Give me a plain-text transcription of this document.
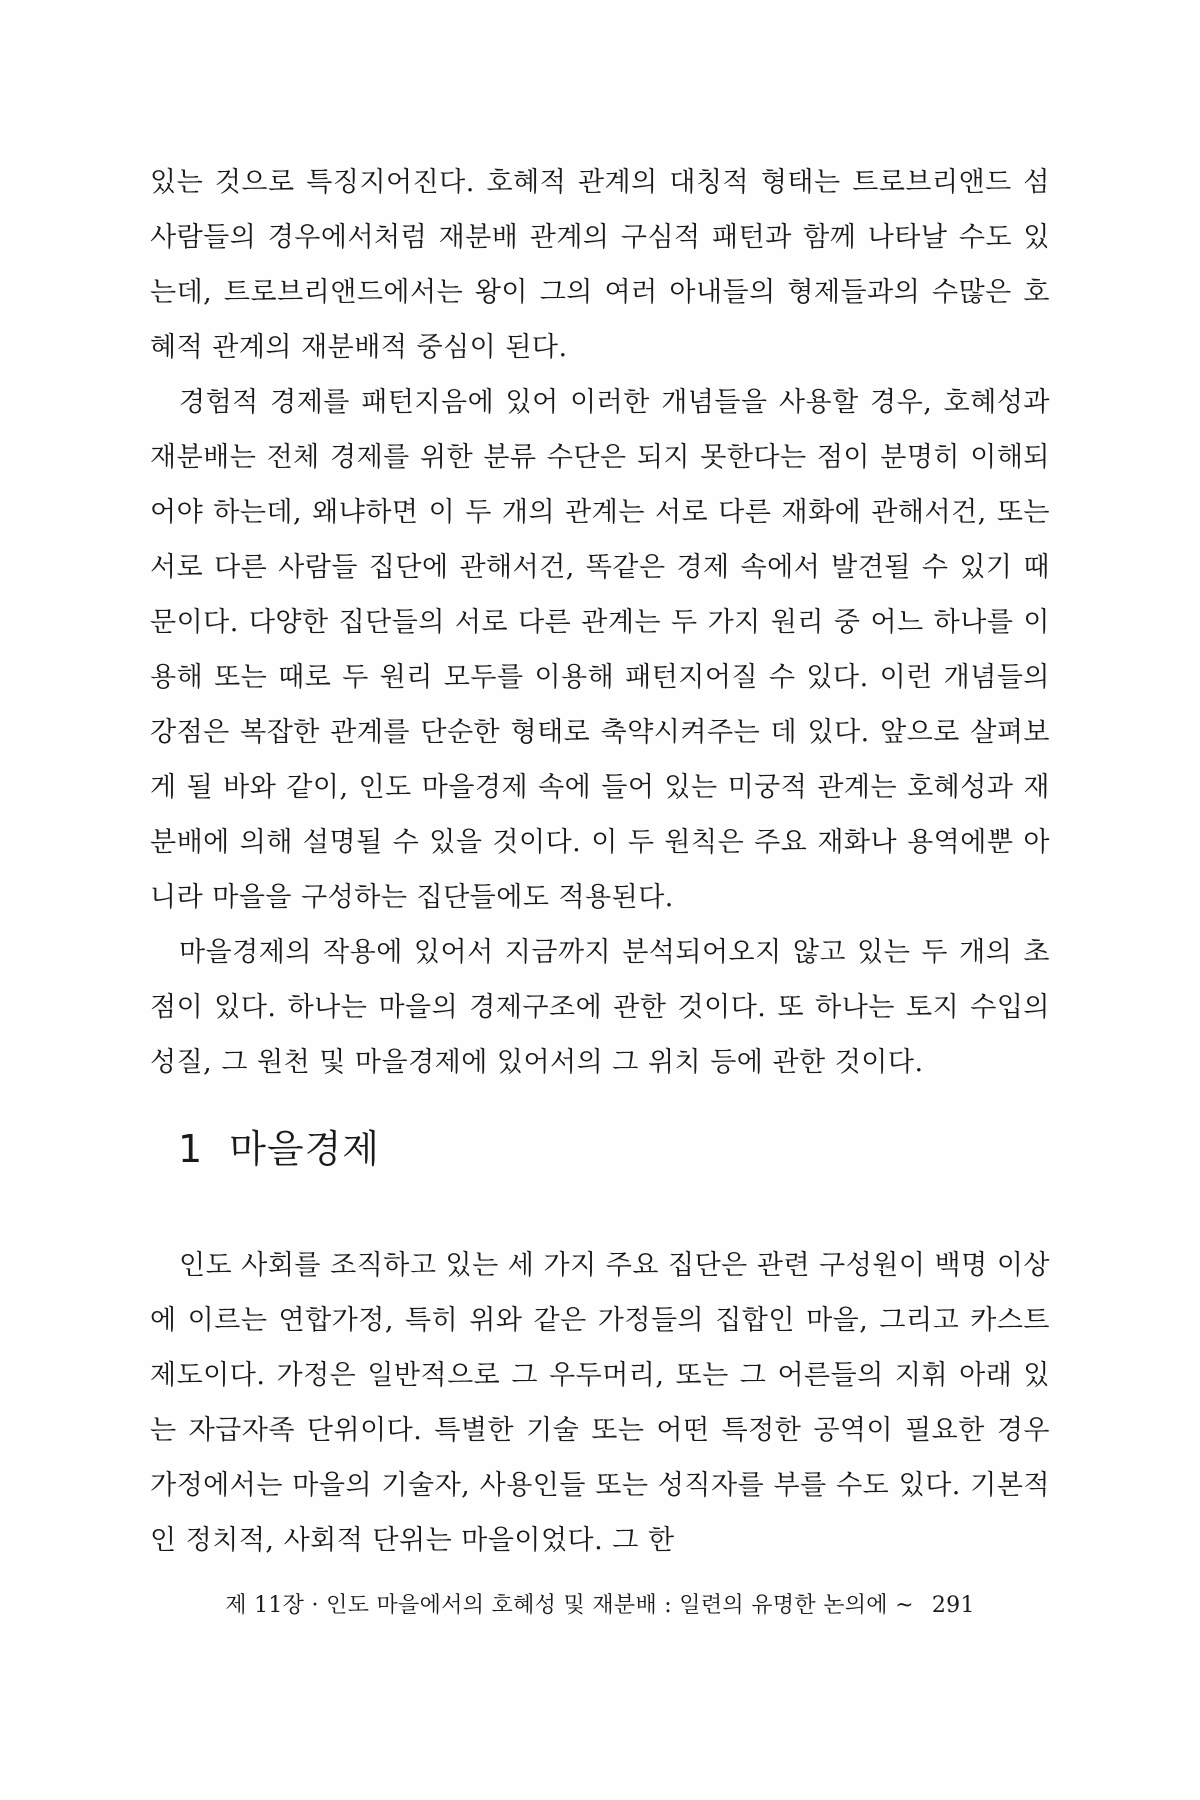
있는 것으로 특징지어진다. 호혜적 관계의 대칭적 형태는 트로브리앤드 섬 사람들의 경우에서처럼 재분배 관계의 구심적 패턴과 함께 나타날 수도 있는데, 트로브리앤드에서는 왕이 그의 여러 아내들의 형제들과의 수많은 호혜적 관계의 재분배적 중심이 된다.

경험적 경제를 패턴지음에 있어 이러한 개념들을 사용할 경우, 호혜성과 재분배는 전체 경제를 위한 분류 수단은 되지 못한다는 점이 분명히 이해되어야 하는데, 왜냐하면 이 두 개의 관계는 서로 다른 재화에 관해서건, 또는 서로 다른 사람들 집단에 관해서건, 똑같은 경제 속에서 발견될 수 있기 때문이다. 다양한 집단들의 서로 다른 관계는 두 가지 원리 중 어느 하나를 이용해 또는 때로 두 원리 모두를 이용해 패턴지어질 수 있다. 이런 개념들의 강점은 복잡한 관계를 단순한 형태로 축약시켜주는 데 있다. 앞으로 살펴보게 될 바와 같이, 인도 마을경제 속에 들어 있는 미궁적 관계는 호혜성과 재분배에 의해 설명될 수 있을 것이다. 이 두 원칙은 주요 재화나 용역에뿐 아니라 마을을 구성하는 집단들에도 적용된다.

마을경제의 작용에 있어서 지금까지 분석되어오지 않고 있는 두 개의 초점이 있다. 하나는 마을의 경제구조에 관한 것이다. 또 하나는 토지 수입의 성질, 그 원천 및 마을경제에 있어서의 그 위치 등에 관한 것이다.

1 마을경제

인도 사회를 조직하고 있는 세 가지 주요 집단은 관련 구성원이 백명 이상에 이르는 연합가정, 특히 위와 같은 가정들의 집합인 마을, 그리고 카스트 제도이다. 가정은 일반적으로 그 우두머리, 또는 그 어른들의 지휘 아래 있는 자급자족 단위이다. 특별한 기술 또는 어떤 특정한 공역이 필요한 경우 가정에서는 마을의 기술자, 사용인들 또는 성직자를 부를 수도 있다. 기본적인 정치적, 사회적 단위는 마을이었다. 그 한

제 11장 · 인도 마을에서의 호혜성 및 재분배 : 일련의 유명한 논의에 ~ 291
